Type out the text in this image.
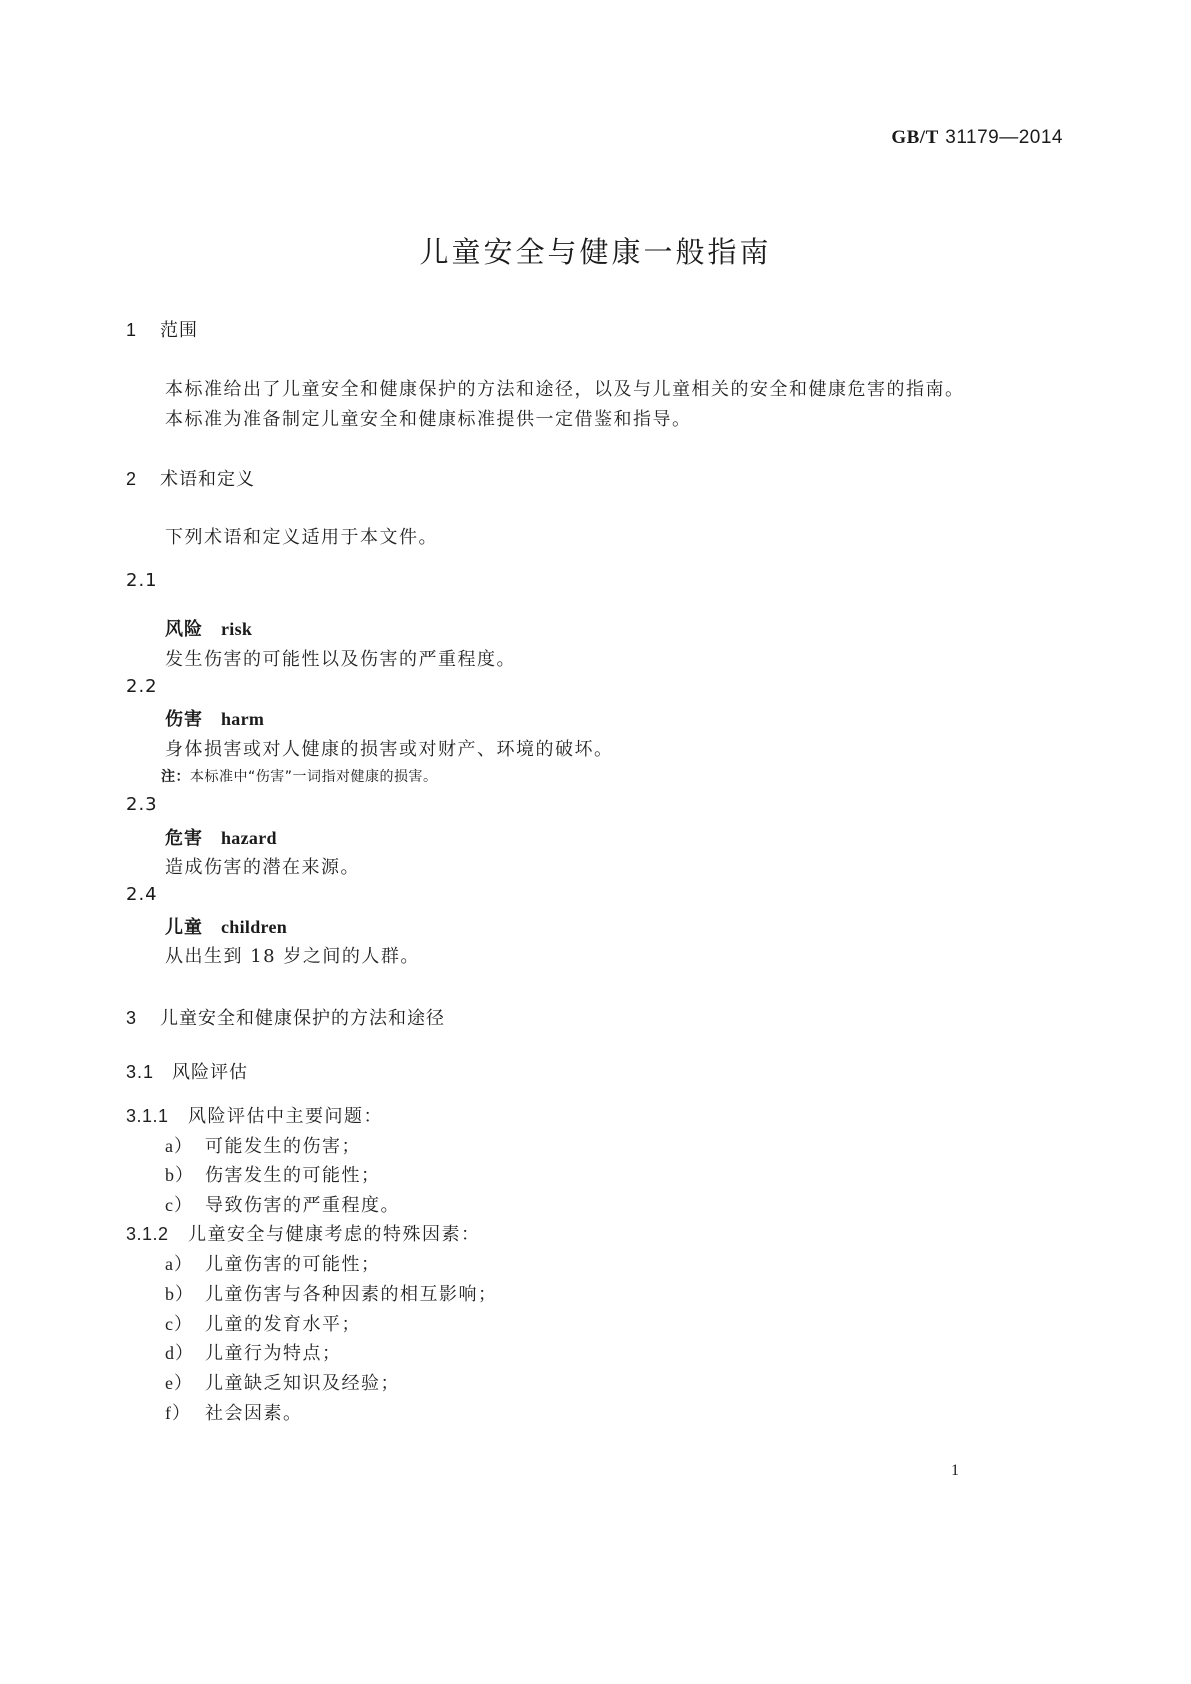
GB/T 31179—2014
儿童安全与健康一般指南
1 范围
本标准给出了儿童安全和健康保护的方法和途径，以及与儿童相关的安全和健康危害的指南。
本标准为准备制定儿童安全和健康标准提供一定借鉴和指导。
2 术语和定义
下列术语和定义适用于本文件。
2.1
风险 risk
发生伤害的可能性以及伤害的严重程度。
2.2
伤害 harm
身体损害或对人健康的损害或对财产、环境的破坏。
注：本标准中“伤害”一词指对健康的损害。
2.3
危害 hazard
造成伤害的潜在来源。
2.4
儿童 children
从出生到 18 岁之间的人群。
3 儿童安全和健康保护的方法和途径
3.1 风险评估
3.1.1 风险评估中主要问题：
a） 可能发生的伤害；
b） 伤害发生的可能性；
c） 导致伤害的严重程度。
3.1.2 儿童安全与健康考虑的特殊因素：
a） 儿童伤害的可能性；
b） 儿童伤害与各种因素的相互影响；
c） 儿童的发育水平；
d） 儿童行为特点；
e） 儿童缺乏知识及经验；
f） 社会因素。
1
